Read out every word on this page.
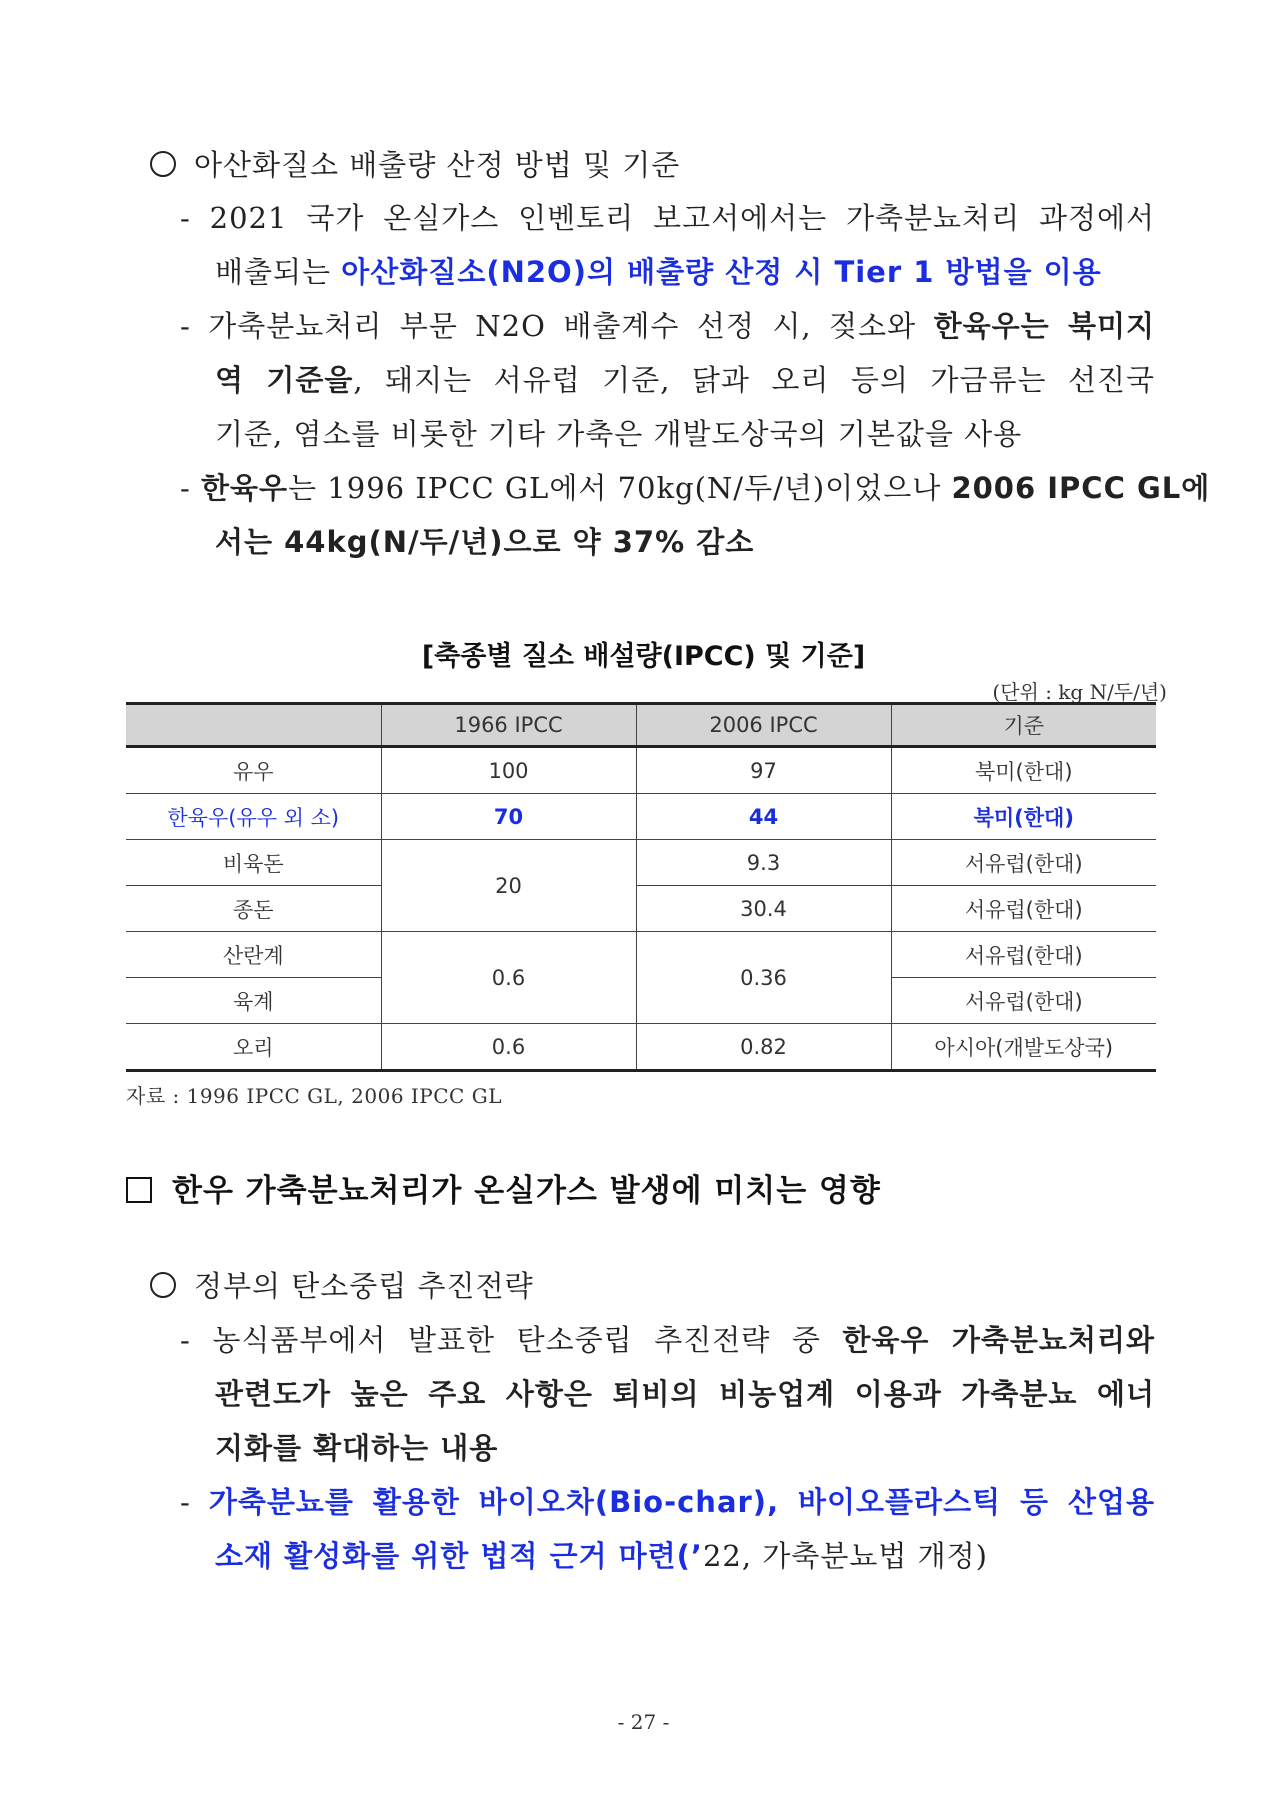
아산화질소 배출량 산정 방법 및 기준
- 2021 국가 온실가스 인벤토리 보고서에서는 가축분뇨처리 과정에서
배출되는 아산화질소(N2O)의 배출량 산정 시 Tier 1 방법을 이용
- 가축분뇨처리 부문 N2O 배출계수 선정 시, 젖소와 한육우는 북미지
역 기준을, 돼지는 서유럽 기준, 닭과 오리 등의 가금류는 선진국
기준, 염소를 비롯한 기타 가축은 개발도상국의 기본값을 사용
- 한육우는 1996 IPCC GL에서 70kg(N/두/년)이었으나 2006 IPCC GL에
서는 44kg(N/두/년)으로 약 37% 감소
[축종별 질소 배설량(IPCC) 및 기준]
(단위 : kg N/두/년)
	1966 IPCC	2006 IPCC	기준
유우	100	97	북미(한대)
한육우(유우 외 소)	70	44	북미(한대)
비육돈	20	9.3	서유럽(한대)
종돈		30.4	서유럽(한대)
산란계	0.6	0.36	서유럽(한대)
육계			서유럽(한대)
오리	0.6	0.82	아시아(개발도상국)
자료 : 1996 IPCC GL, 2006 IPCC GL
한우 가축분뇨처리가 온실가스 발생에 미치는 영향
정부의 탄소중립 추진전략
- 농식품부에서 발표한 탄소중립 추진전략 중 한육우 가축분뇨처리와
관련도가 높은 주요 사항은 퇴비의 비농업계 이용과 가축분뇨 에너
지화를 확대하는 내용
- 가축분뇨를 활용한 바이오차(Bio-char), 바이오플라스틱 등 산업용
소재 활성화를 위한 법적 근거 마련(’22, 가축분뇨법 개정)
- 27 -
